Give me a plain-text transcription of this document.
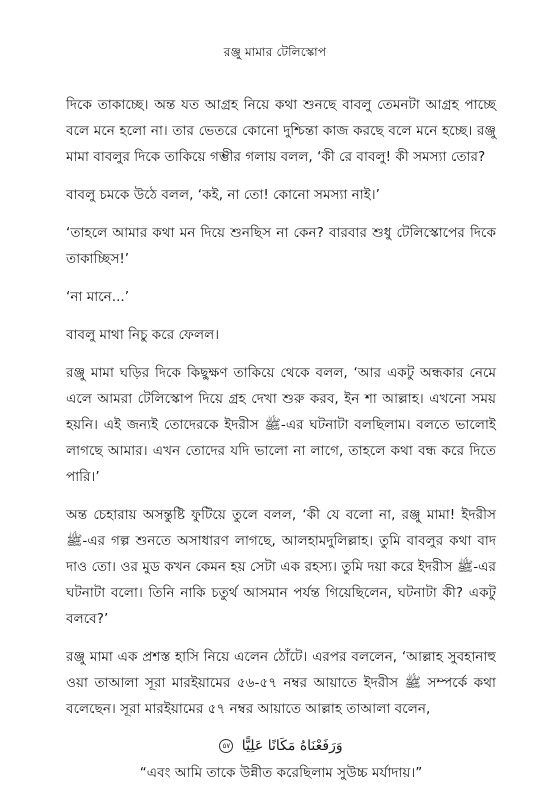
রঞ্জু মামার টেলিস্কোপ

দিকে তাকাচ্ছে। অন্ত যত আগ্রহ নিয়ে কথা শুনছে বাবলু তেমনটা আগ্রহ পাচ্ছে বলে মনে হলো না। তার ভেতরে কোনো দুশ্চিন্তা কাজ করছে বলে মনে হচ্ছে। রঞ্জু মামা বাবলুর দিকে তাকিয়ে গম্ভীর গলায় বলল, ‘কী রে বাবলু! কী সমস্যা তোর?

বাবলু চমকে উঠে বলল, ‘কই, না তো! কোনো সমস্যা নাই।’

‘তাহলে আমার কথা মন দিয়ে শুনছিস না কেন? বারবার শুধু টেলিস্কোপের দিকে তাকাচ্ছিস!’

‘না মানে...’

বাবলু মাথা নিচু করে ফেলল।

রঞ্জু মামা ঘড়ির দিকে কিছুক্ষণ তাকিয়ে থেকে বলল, ‘আর একটু অন্ধকার নেমে এলে আমরা টেলিস্কোপ দিয়ে গ্রহ দেখা শুরু করব, ইন শা আল্লাহ। এখনো সময় হয়নি। এই জন্যই তোদেরকে ইদরীস ﷺ-এর ঘটনাটা বলছিলাম। বলতে ভালোই লাগছে আমার। এখন তোদের যদি ভালো না লাগে, তাহলে কথা বন্ধ করে দিতে পারি।’

অন্ত চেহারায় অসন্তুষ্টি ফুটিয়ে তুলে বলল, ‘কী যে বলো না, রঞ্জু মামা! ইদরীস ﷺ-এর গল্প শুনতে অসাধারণ লাগছে, আলহামদুলিল্লাহ। তুমি বাবলুর কথা বাদ দাও তো। ওর মুড কখন কেমন হয় সেটা এক রহস্য। তুমি দয়া করে ইদরীস ﷺ-এর ঘটনাটা বলো। তিনি নাকি চতুর্থ আসমান পর্যন্ত গিয়েছিলেন, ঘটনাটা কী? একটু বলবে?’

রঞ্জু মামা এক প্রশস্ত হাসি নিয়ে এলেন ঠোঁটে। এরপর বললেন, ‘আল্লাহ সুবহানাহু ওয়া তাআলা সূরা মারইয়ামের ৫৬-৫৭ নম্বর আয়াতে ইদরীস ﷺ সম্পর্কে কথা বলেছেন। সূরা মারইয়ামের ৫৭ নম্বর আয়াতে আল্লাহ তাআলা বলেন,

وَرَفَعْنَاهُ مَكَانًا عَلِيًّا ٥٧

“এবং আমি তাকে উন্নীত করেছিলাম সুউচ্চ মর্যাদায়।”
